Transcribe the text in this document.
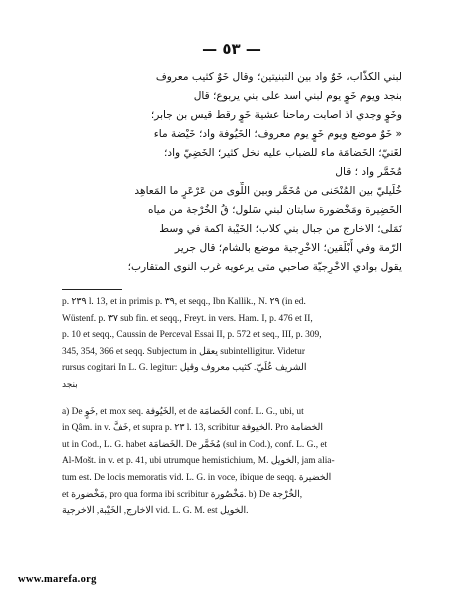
— ٥٣ —
لبني الكذّاب، خَوٌ واد بين التبنيتين؛ وقال خَوٌ كثيب معروف
بنجد ويوم خَوٍ يوم لبني اسد على بني يربوع؛ قال
وخَوٍ وجدي اذ اصابت رماحنا عشية خَوٍ رقط قيس بن جابر؛
« خَوٌ موضع ويوم خَوٍ يوم معروف؛ الخَيُوفة واد؛ خَيْضة ماء
لغَنيّ؛ الخَضامَة ماء للضباب عليه نخل كثير؛ الخَضِيّ واد؛
مُخَمَّر واد ؛ قال
خُلَيليّ بين المُنْحَنى من مُخَمَّر وبين اللِّوى من عَرْعَرٍ ما المَعاهِد
الخَضِيرة ومَخْضورة سابتان لبني سَلول؛ قُ الخُرْجة من مياه
نَمَلى؛ الاخارج من جبال بني كلاب؛ الخَيْبة اكمة في وسط
الرّمة وفي أَبْلَقين؛ الاخْرِجية موضع بالشام؛ قال جرير
يقول بوادي الاخْرِجيّة صاحبي متى يرعويه غرب النوى المتقارب؛
p. ٢٣٩ l. 13, et in primis p. ٣٩, et seqq., Ibn Kallik., N. ٢٩ (in ed.
Wüstenf. p. ٣٧ sub fin. et seqq., Freyt. in vers. Ham. I, p. 476 et II,
p. 10 et seqq., Caussin de Perceval Essai II, p. 572 et seq., III, p. 309,
345, 354, 366 et seqq. Subjectum in يعقل subintelligitur. Videtur
rursus cogitari In L. G. legitur: الشريف عُلَيّ. كثيب معروف وقيل
بنجد
a) De خَوٍ, et mox seq. الخَيُوفة, et de الخَضامَة conf. L. G., ubi, ut
in Qâm. in v. خَفَّ, et supra p. ٢٣ l. 13, scribitur الخيوفة. Pro الخضامة
ut in Cod., L. G. habet الخَضامَة. De مُخَمَّر (sul in Cod.), conf. L. G., et
Al-Mošt. in v. et p. 41, ubi utrumque hemistichium, M. الخويل, jam alia-
tum est. De locis memoratis vid. L. G. in voce, ibique de seqq. الخضيرة
et مَخْضورة, pro qua forma ibi scribitur مَخْصُورة. b) De الخُرْجة,
الاخارج, الخَيْبة, الاخرجية vid. L. G. M. est الخويل.
www.marefa.org
